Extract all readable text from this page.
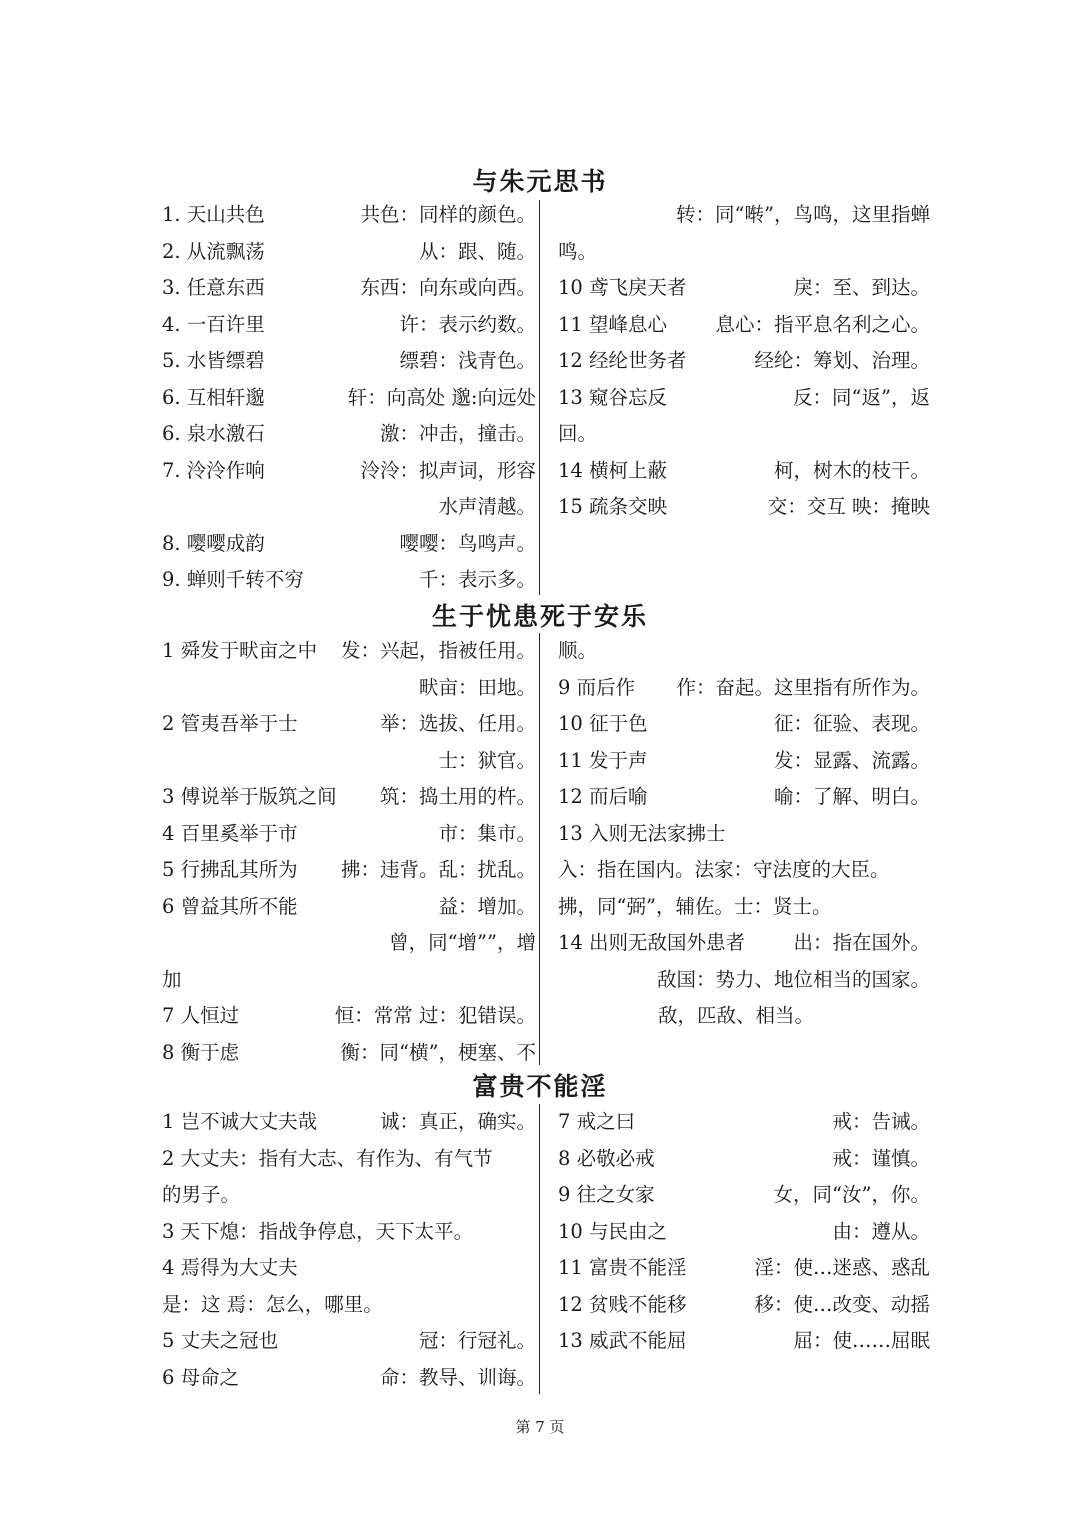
与朱元思书
1. 天山共色	共色：同样的颜色。
2. 从流飘荡	从：跟、随。
3. 任意东西	东西：向东或向西。
4. 一百许里	许：表示约数。
5. 水皆缥碧	缥碧：浅青色。
6. 互相轩邈	轩：向高处 邈:向远处
6. 泉水激石	激：冲击，撞击。
7. 泠泠作响	泠泠：拟声词，形容
水声清越。
8. 嘤嘤成韵	嘤嘤：鸟鸣声。
9. 蝉则千转不穷	千：表示多。
转：同“啭”，鸟鸣，这里指蝉
鸣。
10 鸢飞戾天者	戾：至、到达。
11 望峰息心 息心：指平息名利之心。
12 经纶世务者	经纶：筹划、治理。
13 窥谷忘反	反：同“返”，返
回。
14 横柯上蔽	柯，树木的枝干。
15 疏条交映	交：交互 映：掩映
生于忧患死于安乐
1 舜发于畎亩之中 发：兴起，指被任用。
畎亩：田地。
2 管夷吾举于士	举：选拔、任用。
士：狱官。
3 傅说举于版筑之间 筑：捣土用的杵。
4 百里奚举于市	市：集市。
5 行拂乱其所为 拂：违背。乱：扰乱。
6 曾益其所不能	益：增加。
曾，同“增””，增
加
7 人恒过	恒：常常 过：犯错误。
8 衡于虑	衡：同“横”，梗塞、不
顺。
9 而后作 作：奋起。这里指有所作为。
10 征于色	征：征验、表现。
11 发于声	发：显露、流露。
12 而后喻	喻：了解、明白。
13 入则无法家拂士
入：指在国内。法家：守法度的大臣。
拂，同“弼”，辅佐。士：贤士。
14 出则无敌国外患者 出：指在国外。
敌国：势力、地位相当的国家。
敌，匹敌、相当。
富贵不能淫
1 岂不诚大丈夫哉	诚：真正，确实。
2 大丈夫：指有大志、有作为、有气节
的男子。
3 天下熄：指战争停息，天下太平。
4 焉得为大丈夫
是：这 焉：怎么，哪里。
5 丈夫之冠也	冠：行冠礼。
6 母命之	命：教导、训诲。
7 戒之曰	戒：告诫。
8 必敬必戒	戒：谨慎。
9 往之女家	女，同“汝”，你。
10 与民由之	由：遵从。
11 富贵不能淫	淫：使…迷惑、惑乱
12 贫贱不能移	移：使…改变、动摇
13 威武不能屈	屈：使……屈眠
第 7 页
